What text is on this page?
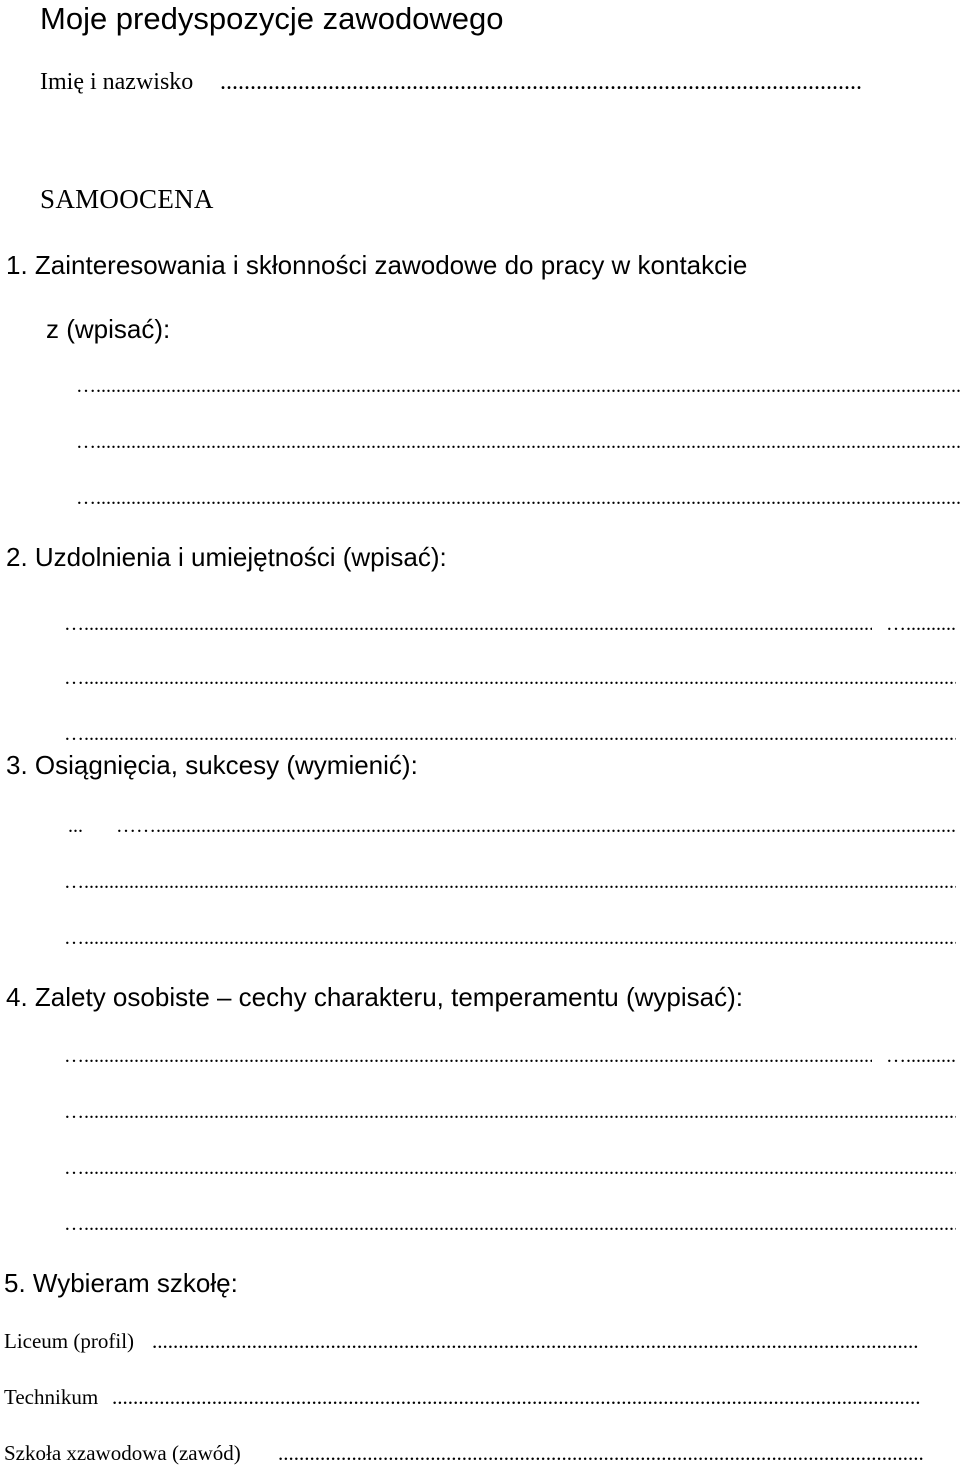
Moje predyspozycje zawodowego
Imię i nazwisko
.....
SAMOOCENA
1. Zainteresowania i skłonności zawodowe do pracy w kontakcie
z (wpisać):
… .....
… .....
… .....
2. Uzdolnienia i umiejętności (wpisać):
… .....	… .....
… .....
… .....
3. Osiągnięcia, sukcesy (wymienić):
.....
…… .....
… .....
… .....
4. Zalety osobiste – cechy charakteru, temperamentu (wypisać):
… .....	… .....
… .....
… .....
… .....
5. Wybieram szkołę:
Liceum (profil)
.....
Technikum
.....
Szkoła xzawodowa (zawód)
.....
